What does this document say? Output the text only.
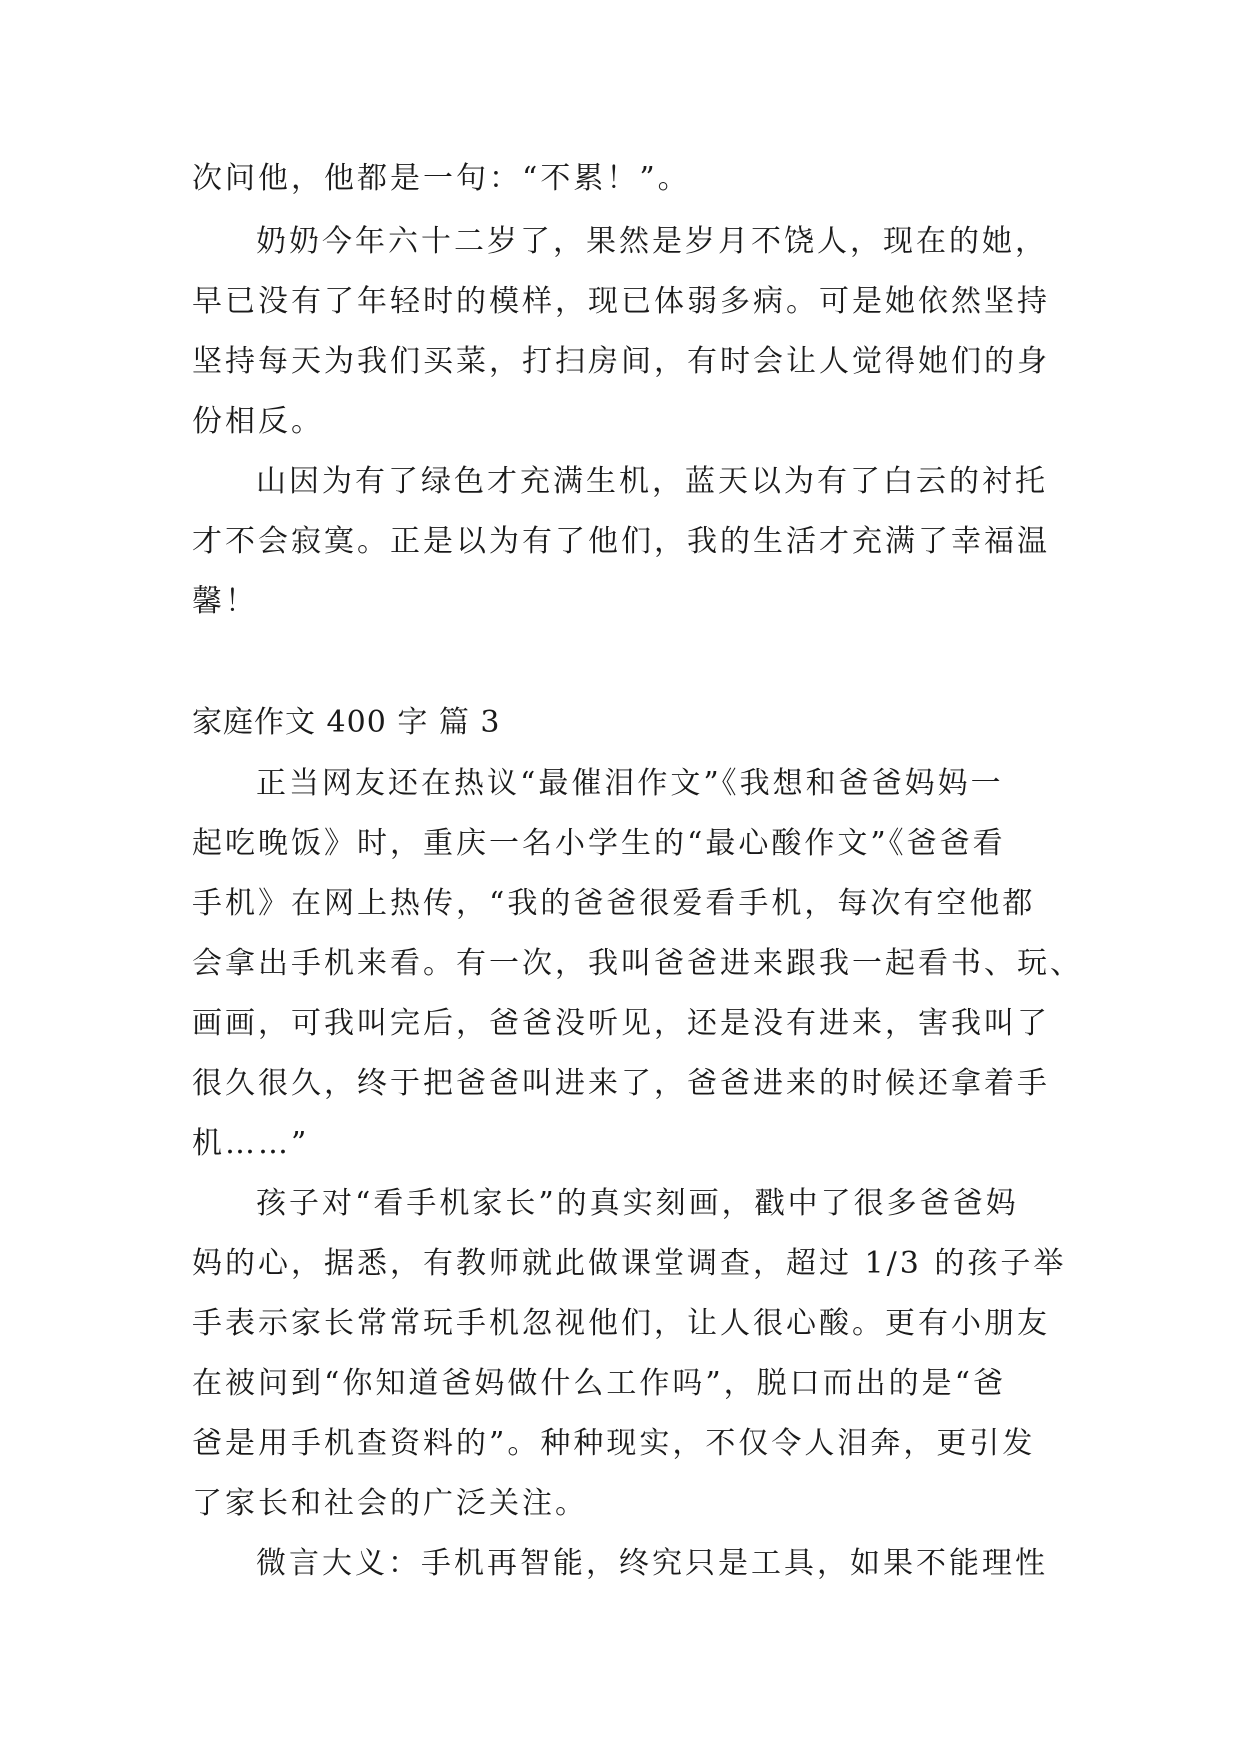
次问他，他都是一句：“不累！”。
奶奶今年六十二岁了，果然是岁月不饶人，现在的她，
早已没有了年轻时的模样，现已体弱多病。可是她依然坚持
坚持每天为我们买菜，打扫房间，有时会让人觉得她们的身
份相反。
山因为有了绿色才充满生机，蓝天以为有了白云的衬托
才不会寂寞。正是以为有了他们，我的生活才充满了幸福温
馨！
家庭作文 400 字 篇 3
正当网友还在热议“最催泪作文”《我想和爸爸妈妈一
起吃晚饭》时，重庆一名小学生的“最心酸作文”《爸爸看
手机》在网上热传，“我的爸爸很爱看手机，每次有空他都
会拿出手机来看。有一次，我叫爸爸进来跟我一起看书、玩、
画画，可我叫完后，爸爸没听见，还是没有进来，害我叫了
很久很久，终于把爸爸叫进来了，爸爸进来的时候还拿着手
机……”
孩子对“看手机家长”的真实刻画，戳中了很多爸爸妈
妈的心，据悉，有教师就此做课堂调查，超过 1/3 的孩子举
手表示家长常常玩手机忽视他们，让人很心酸。更有小朋友
在被问到“你知道爸妈做什么工作吗”，脱口而出的是“爸
爸是用手机查资料的”。种种现实，不仅令人泪奔，更引发
了家长和社会的广泛关注。
微言大义：手机再智能，终究只是工具，如果不能理性
